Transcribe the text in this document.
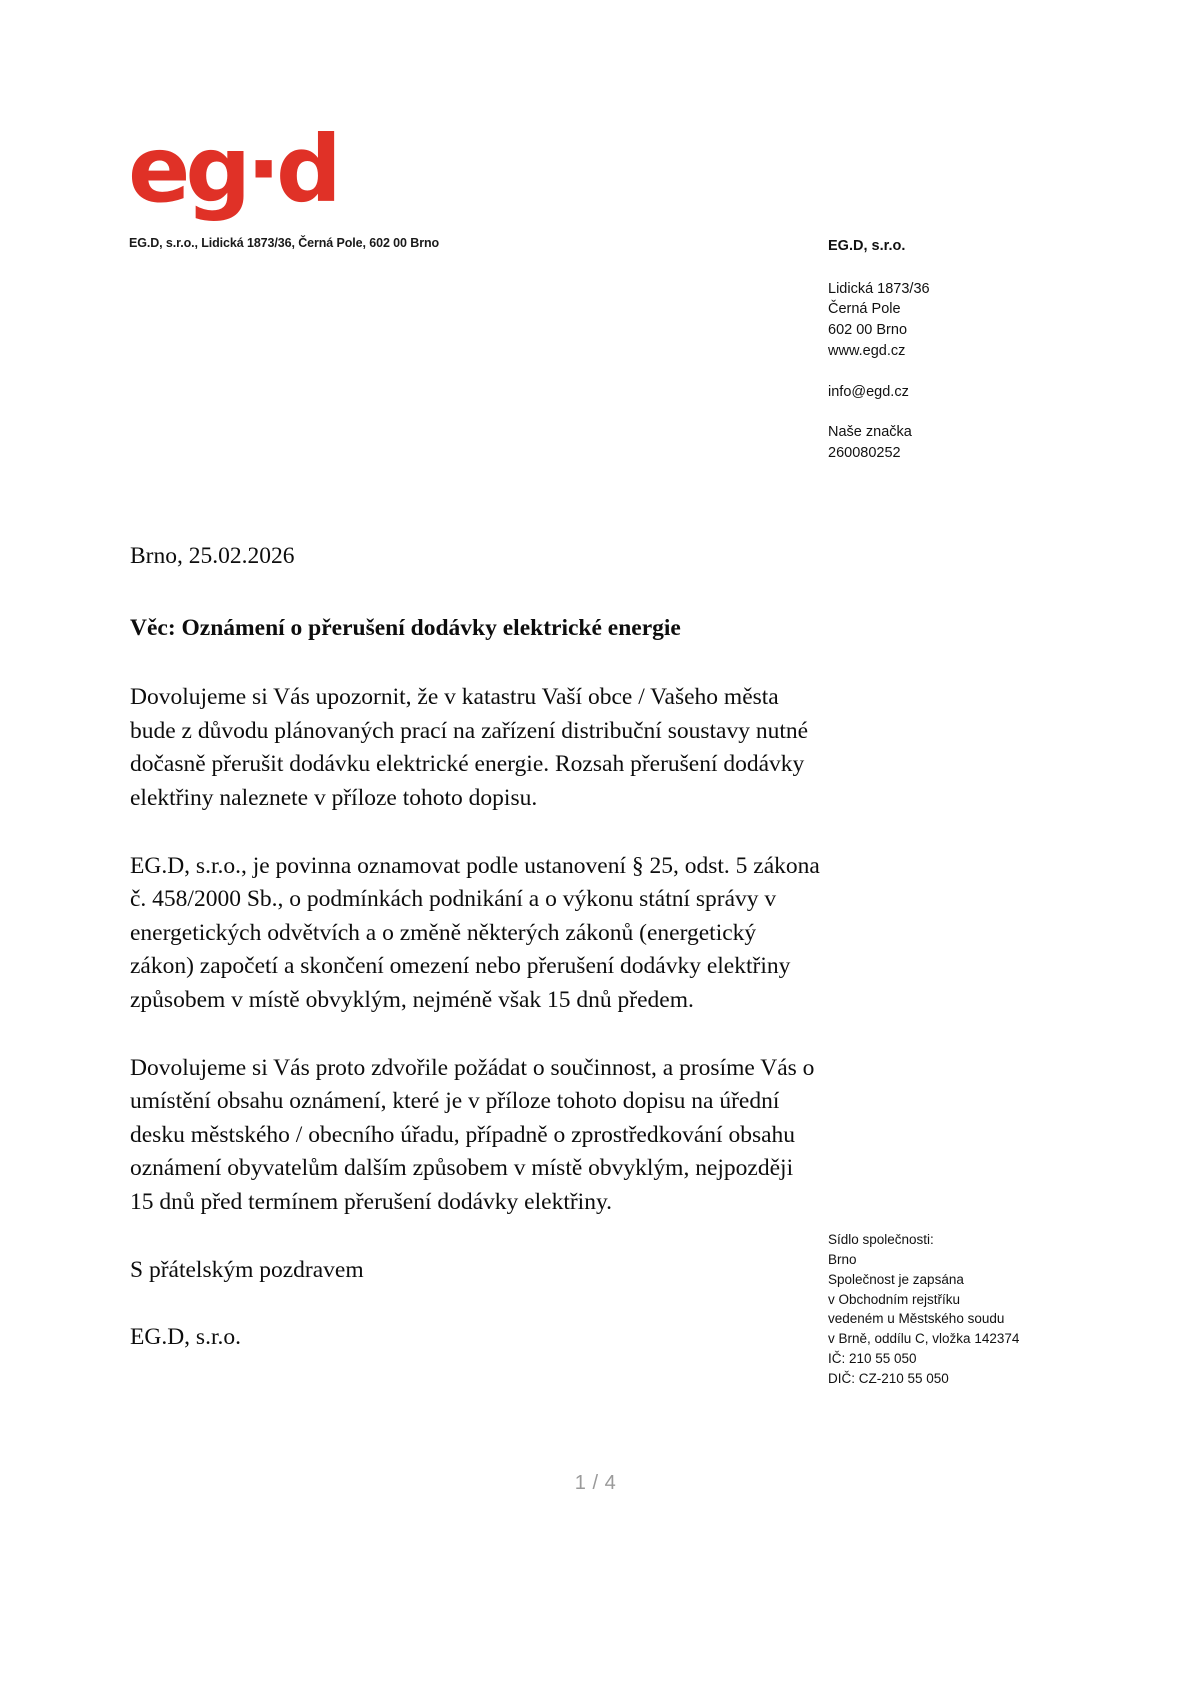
eg·d
EG.D, s.r.o., Lidická 1873/36, Černá Pole, 602 00 Brno	EG.D, s.r.o.
Lidická 1873/36
Černá Pole
602 00 Brno
www.egd.cz
info@egd.cz
Naše značka
260080252
Brno, 25.02.2026
Věc: Oznámení o přerušení dodávky elektrické energie

Dovolujeme si Vás upozornit, že v katastru Vaší obce / Vašeho města bude z důvodu plánovaných prací na zařízení distribuční soustavy nutné dočasně přerušit dodávku elektrické energie. Rozsah přerušení dodávky elektřiny naleznete v příloze tohoto dopisu.

EG.D, s.r.o., je povinna oznamovat podle ustanovení § 25, odst. 5 zákona č. 458/2000 Sb., o podmínkách podnikání a o výkonu státní správy v energetických odvětvích a o změně některých zákonů (energetický zákon) započetí a skončení omezení nebo přerušení dodávky elektřiny způsobem v místě obvyklým, nejméně však 15 dnů předem.

Dovolujeme si Vás proto zdvořile požádat o součinnost, a prosíme Vás o umístění obsahu oznámení, které je v příloze tohoto dopisu na úřední desku městského / obecního úřadu, případně o zprostředkování obsahu oznámení obyvatelům dalším způsobem v místě obvyklým, nejpozději 15 dnů před termínem přerušení dodávky elektřiny.

S přátelským pozdravem

EG.D, s.r.o.

Sídlo společnosti:
Brno
Společnost je zapsána
v Obchodním rejstříku
vedeném u Městského soudu
v Brně, oddílu C, vložka 142374
IČ: 210 55 050
DIČ: CZ-210 55 050
1 / 4
